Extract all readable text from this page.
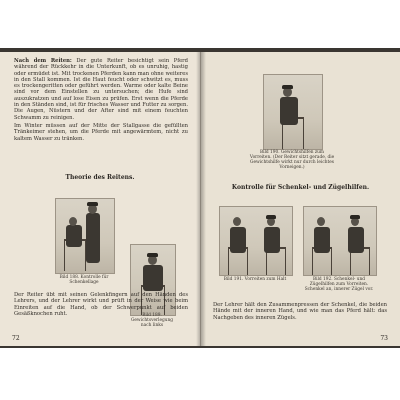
Nach dem Reiten: Der gute Reiter besichtigt sein Pferd während der Rückkehr in die Unterkunft, ob es unruhig, hastig oder ermüdet ist. Mit trockenen Pferden kann man ohne weiteres in den Stall kommen. Ist die Haut feucht oder schwitzt es, muss es trockengeritten oder geführt werden. Warme oder kalte Beine sind vor dem Einstellen zu untersuchen; die Hufe sind auszukratzen und auf lose Eisen zu prüfen. Erst wenn die Pferde in den Ständen sind, ist für frisches Wasser und Futter zu sorgen. Die Augen, Nüstern und der After sind mit einem feuchten Schwamm zu reinigen.

Im Winter müssen auf der Mitte der Stallgasse die gefüllten Tränkeimer stehen, um die Pferde mit angewärmtem, nicht zu kaltem Wasser zu tränken.

Theorie des Reitens.
Bild 188. Kontrolle für Schenkellage

Der Reiter übt mit seinen Gelenkfingern auf den Händen des Lehrers, und der Lehrer wirkt und prüft in der Weise wie beim Einreiten auf die Hand, ob der Schwerpunkt auf beiden Gesäßknochen ruht.

72
Bild 190. Gewichtshilfen zum Vorreiten. (Der Reiter sitzt gerade, die Gewichtshilfe wirkt nur durch leichtes Vorneigen.)
Kontrolle für Schenkel- und Zügelhilfen.
Bild 191. Vorreiten zum Halt	Bild 192. Schenkel- und Zügelhilfen zum Vorreiten. Schenkel an, innerer Zügel vor.

Der Lehrer hält den Zusammenpressen der Schenkel, die beiden Hände mit der inneren Hand, und wie man das Pferd hält: das Nachgeben des inneren Zügels.

73
Bild 189. Gewichtsverlegung nach links
